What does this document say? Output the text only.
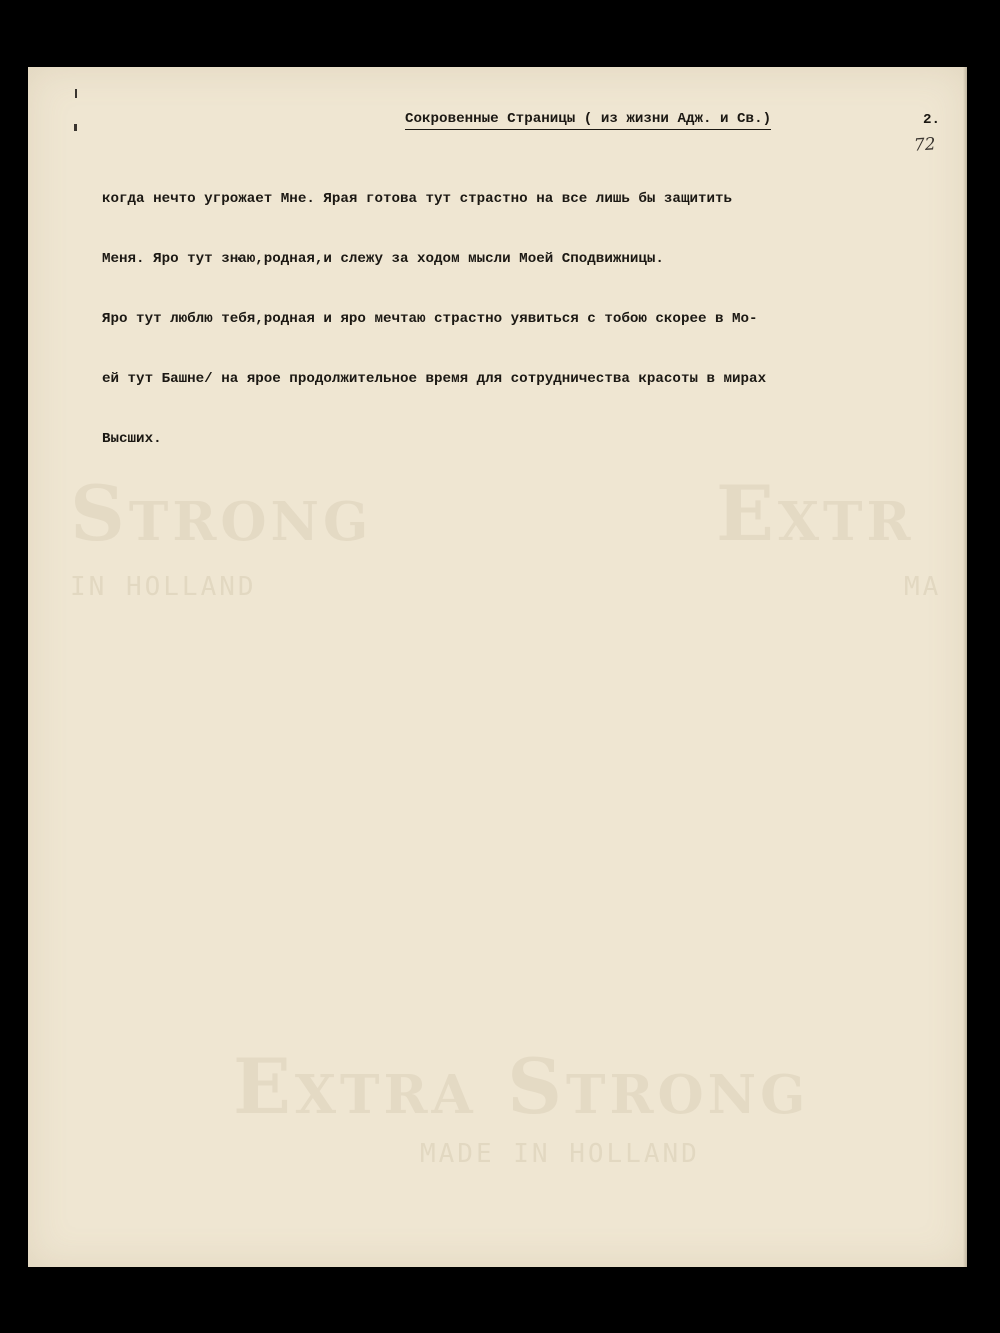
Strong	Extr
IN HOLLAND	MA
Extra Strong
MADE IN HOLLAND
Сокровенные Страницы ( из жизни Адж. и Св.)	2.
72

когда нечто угрожает Мне. Ярая готова тут страстно на все лишь бы защитить

Меня. Яро тут знаю,родная,и слежу за ходом мысли Моей Сподвижницы.

Яро тут люблю тебя,родная и яро мечтаю страстно уявиться с тобою скорее в Мо-

ей тут Башне/ на ярое продолжительное время для сотрудничества красоты в мирах

Высших.
